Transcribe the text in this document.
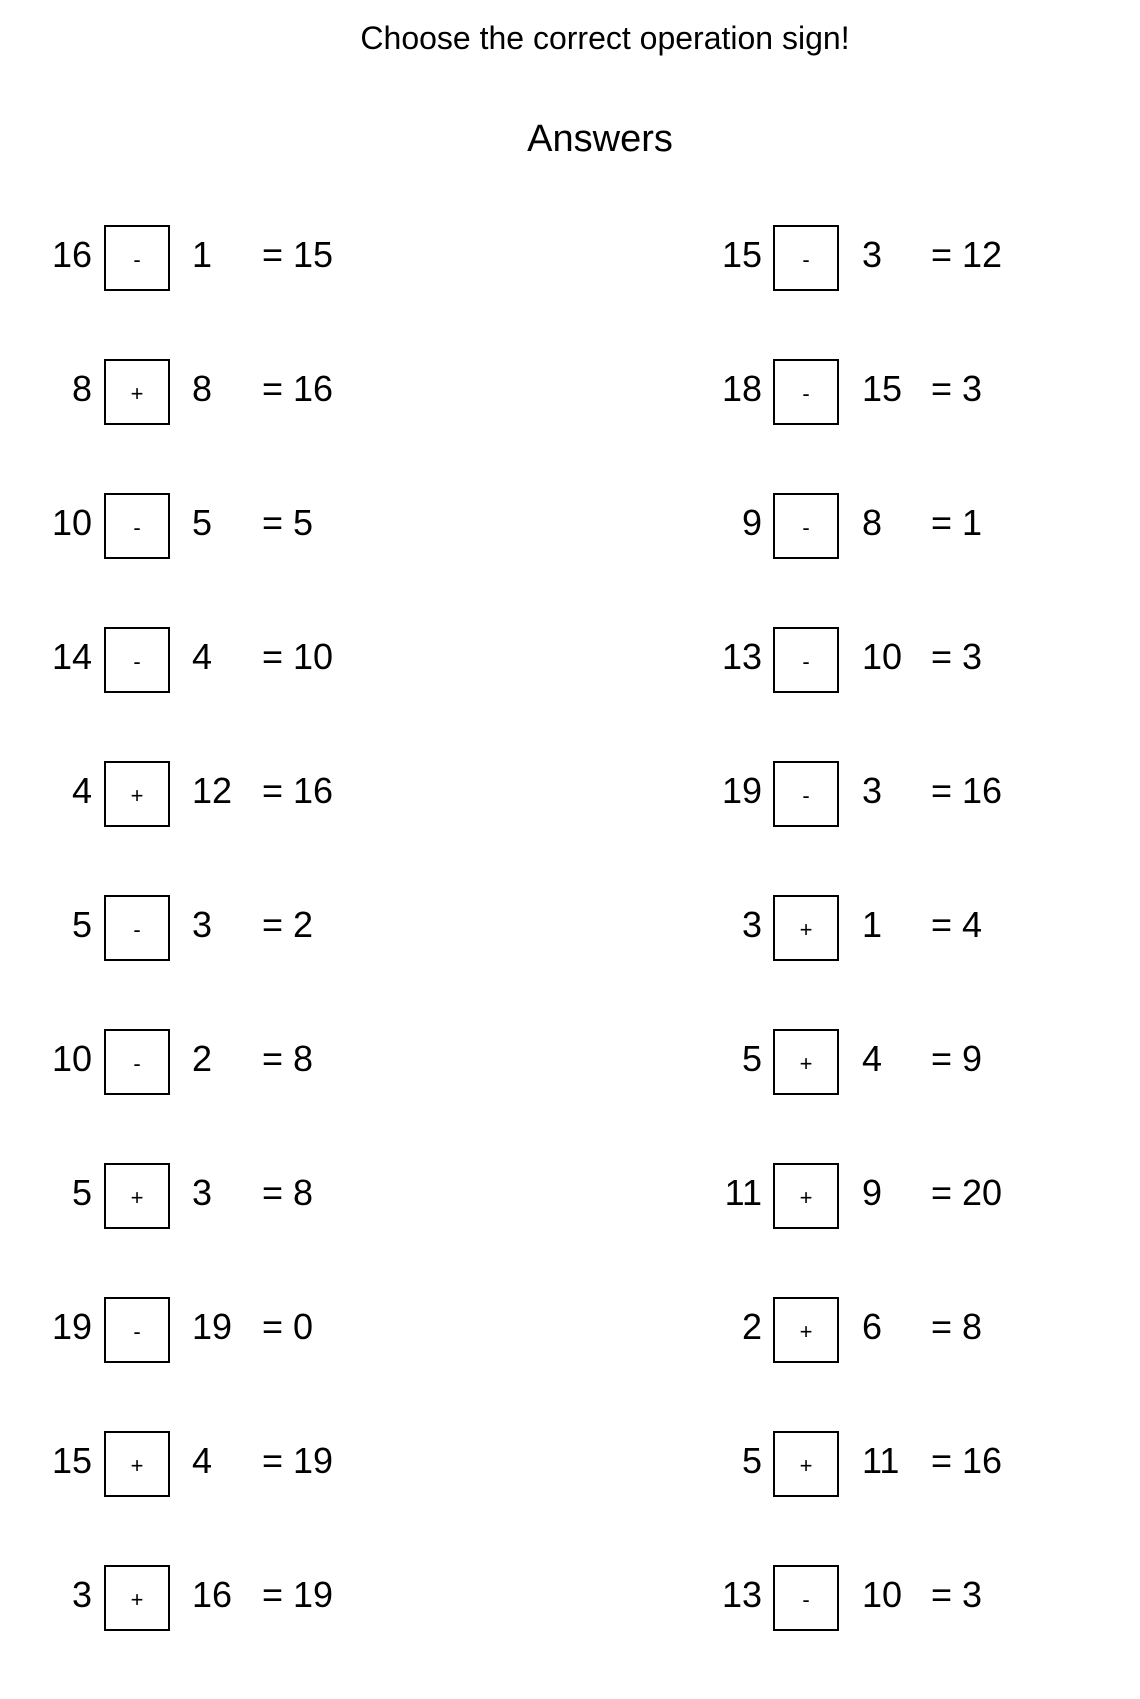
Choose the correct operation sign!
Answers
16	-	1 = 15
8	+	8 = 16
10	-	5 = 5
14	-	4 = 10
4	+	12 = 16
5	-	3 = 2
10	-	2 = 8
5	+	3 = 8
19	-	19 = 0
15	+	4 = 19
3	+	16 = 19
15	-	3 = 12
18	-	15 = 3
9	-	8 = 1
13	-	10 = 3
19	-	3 = 16
3	+	1 = 4
5	+	4 = 9
11	+	9 = 20
2	+	6 = 8
5	+	11 = 16
13	-	10 = 3
